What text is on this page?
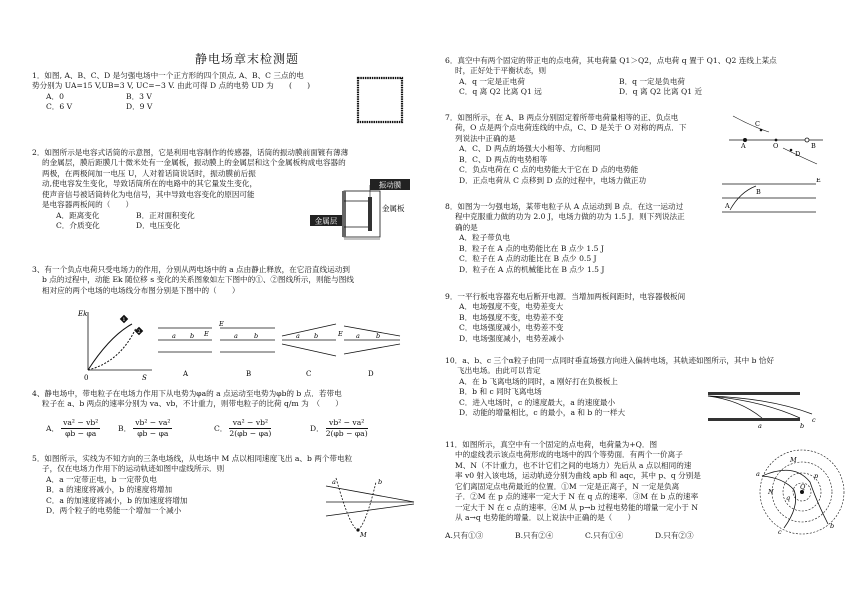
静电场章末检测题
1．如图, A、B、C、D 是匀强电场中一个正方形的四个顶点, A、B、C 三点的电
势分别为 UA=15 V,UB=3 V, UC=−3 V. 由此可得 D 点的电势 UD 为　　(　　)
A．0	B．3 V
C．6 V	D．9 V
2．如图所示是电容式话筒的示意图，它是利用电容制作的传感器，话筒的振动膜前面镀有薄薄
的金属层，膜后距膜几十微米处有一金属板，振动膜上的金属层和这个金属板构成电容器的
两极，在两极间加一电压 U，人对着话筒说话时，振动膜前后振
动,使电容发生变化，导致话筒所在的电路中的其它量发生变化，
使声音信号被话筒转化为电信号，其中导致电容变化的原因可能
是电容器两板间的（　　）
A．距离变化	B．正对面积变化
C．介质变化	D．电压变化
振动膜
金属板
金属层
3、有一个负点电荷只受电场力的作用，分别从两电场中的 a 点由静止释放，在它沿直线运动到
b 点的过程中，动能 Ek 随位移 s 变化的关系图象如左下图中的①、②图线所示，则能与图线
相对应的两个电场的电场线分布图分别是下图中的（　　）
Ek
S
0
1
2	a b E
A
E
a b
B
a b
C
E a b
D
4、静电场中，带电粒子在电场力作用下从电势为φa的 a 点运动至电势为φb的 b 点．若带电
粒子在 a、b 两点的速率分别为 va、vb，不计重力，则带电粒子的比荷 q/m 为　（　　）
A． $\frac{\text{va² − vb²}}{\varphi b - \varphi a}$ B． $\frac{\text{vb² − va²}}{\varphi b - \varphi a}$	C． $\frac{\text{va² − vb²}}{2(\varphi b - \varphi a)}$	D． $\frac{\text{vb² − va²}}{2(\varphi b - \varphi a)}$
5．如图所示，实线为不知方向的三条电场线，从电场中 M 点以相同速度飞出 a、b 两个带电粒
子，仅在电场力作用下的运动轨迹如图中虚线所示．则
A．a 一定带正电，b 一定带负电
B．a 的速度将减小，b 的速度将增加
C．a 的加速度将减小，b 的加速度将增加
D．两个粒子的电势能一个增加一个减小
a	b
M
6．真空中有两个固定的带正电的点电荷，其电荷量 Q1＞Q2，点电荷 q 置于 Q1、Q2 连线上某点
时，正好处于平衡状态，则
A．q 一定是正电荷	B．q 一定是负电荷
C．q 离 Q2 比离 Q1 远	D．q 离 Q2 比离 Q1 近
7．如图所示，在 A、B 两点分别固定着所带电荷量相等的正、负点电
荷，O 点是两个点电荷连线的中点，C、D 是关于 O 对称的两点．下
列说法中正确的是
A．C、D 两点的场强大小相等、方向相同
B．C、D 两点的电势相等
C．负点电荷在 C 点的电势能大于它在 D 点的电势能
D．正点电荷从 C 点移到 D 点的过程中，电场力做正功
A	B
O
C
D
8．如图为一匀强电场，某带电粒子从 A 点运动到 B 点．在这一运动过
程中克服重力做的功为 2.0 J，电场力做的功为 1.5 J．则下列说法正
确的是
A．粒子带负电
B．粒子在 A 点的电势能比在 B 点少 1.5 J
C．粒子在 A 点的动能比在 B 点少 0.5 J
D．粒子在 A 点的机械能比在 B 点少 1.5 J
A
B
E
9．一平行板电容器充电后断开电源．当增加两板间距时，电容器极板间
A．电场强度不变，电势差变大
B．电场强度不变，电势差不变
C．电场强度减小，电势差不变
D．电场强度减小，电势差减小
10．a、b、c 三个α粒子由同一点同时垂直场强方向进入偏转电场，其轨迹如图所示，其中 b 恰好
飞出电场。由此可以肯定
A．在 b 飞离电场的同时，a 刚好打在负极板上
B．b 和 c 同时飞离电场
C．进入电场时，c 的速度最大，a 的速度最小
D．动能的增量相比，c 的最小，a 和 b 的一样大
a	b
c
11．如图所示，真空中有一个固定的点电荷，电荷量为+Q．图
中的虚线表示该点电荷形成的电场中的四个等势面．有两个一价离子
M、N（不计重力，也不计它们之间的电场力）先后从 a 点以相同的速
率 v0 射入该电场，运动轨迹分别为曲线 apb 和 aqc，其中 p、q 分别是
它们离固定点电荷最近的位置．①M 一定是正离子，N 一定是负离
子．②M 在 p 点的速率一定大于 N 在 q 点的速率．③M 在 b 点的速率
一定大于 N 在 c 点的速率．④M 从 p→b 过程电势能的增量一定小于 N
从 a→q 电势能的增量．以上说法中正确的是（　　）
A.只有①③	B.只有②④	C.只有①④	D.只有②③
Q
a
b
c
p
q
M
N
